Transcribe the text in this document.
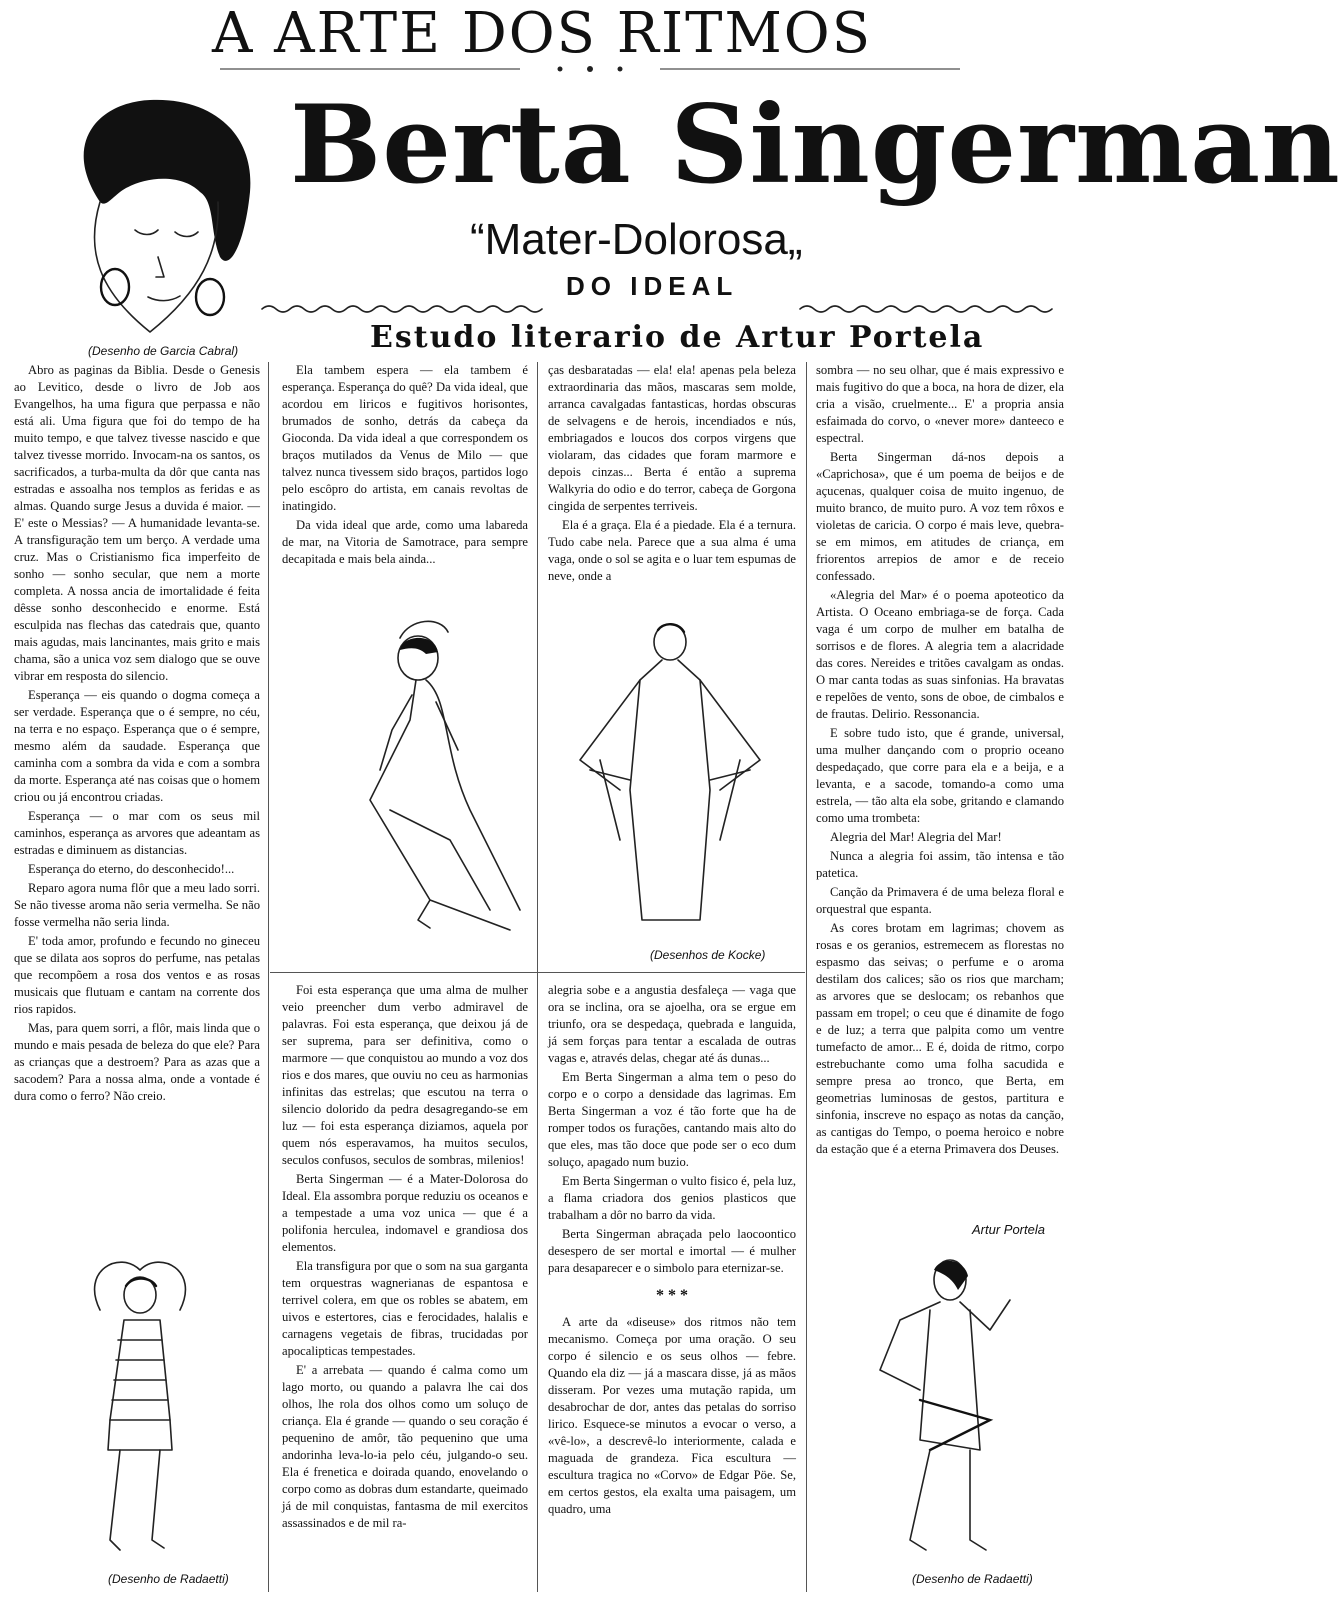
A ARTE DOS RITMOS
(Desenho de Garcia Cabral)
Berta Singerman
“Mater-Dolorosa„
DO IDEAL
Estudo literario de Artur Portela

Abro as paginas da Biblia. Desde o Genesis ao Levitico, desde o livro de Job aos Evangelhos, ha uma figura que perpassa e não está ali. Uma figura que foi do tempo de ha muito tempo, e que talvez tivesse nascido e que talvez tivesse morrido. Invocam-na os santos, os sacrificados, a turba-multa da dôr que canta nas estradas e assoalha nos templos as feridas e as almas. Quando surge Jesus a duvida é maior. — E' este o Messias? — A humanidade levanta-se. A transfiguração tem um berço. A verdade uma cruz. Mas o Cristianismo fica imperfeito de sonho — sonho secular, que nem a morte completa. A nossa ancia de imortalidade é feita dêsse sonho desconhecido e enorme. Está esculpida nas flechas das catedrais que, quanto mais agudas, mais lancinantes, mais grito e mais chama, são a unica voz sem dialogo que se ouve vibrar em resposta do silencio.

Esperança — eis quando o dogma começa a ser verdade. Esperança que o é sempre, no céu, na terra e no espaço. Esperança que o é sempre, mesmo além da saudade. Esperança que caminha com a sombra da vida e com a sombra da morte. Esperança até nas coisas que o homem criou ou já encontrou criadas.

Esperança — o mar com os seus mil caminhos, esperança as arvores que adeantam as estradas e diminuem as distancias.

Esperança do eterno, do desconhecido!...

Reparo agora numa flôr que a meu lado sorri. Se não tivesse aroma não seria vermelha. Se não fosse vermelha não seria linda.

E' toda amor, profundo e fecundo no gineceu que se dilata aos sopros do perfume, nas petalas que recompõem a rosa dos ventos e as rosas musicais que flutuam e cantam na corrente dos rios rapidos.

Mas, para quem sorri, a flôr, mais linda que o mundo e mais pesada de beleza do que ele? Para as crianças que a destroem? Para as azas que a sacodem? Para a nossa alma, onde a vontade é dura como o ferro? Não creio.

Ela tambem espera — ela tambem é esperança. Esperança do quê? Da vida ideal, que acordou em liricos e fugitivos horisontes, brumados de sonho, detrás da cabeça da Gioconda. Da vida ideal a que correspondem os braços mutilados da Venus de Milo — que talvez nunca tivessem sido braços, partidos logo pelo escôpro do artista, em canais revoltas de inatingido.

Da vida ideal que arde, como uma labareda de mar, na Vitoria de Samotrace, para sempre decapitada e mais bela ainda...

ças desbaratadas — ela! ela! apenas pela beleza extraordinaria das mãos, mascaras sem molde, arranca cavalgadas fantasticas, hordas obscuras de selvagens e de herois, incendiados e nús, embriagados e loucos dos corpos virgens que violaram, das cidades que foram marmore e depois cinzas... Berta é então a suprema Walkyria do odio e do terror, cabeça de Gorgona cingida de serpentes terriveis.

Ela é a graça. Ela é a piedade. Ela é a ternura. Tudo cabe nela. Parece que a sua alma é uma vaga, onde o sol se agita e o luar tem espumas de neve, onde a

(Desenhos de Kocke)

Foi esta esperança que uma alma de mulher veio preencher dum verbo admiravel de palavras. Foi esta esperança, que deixou já de ser suprema, para ser definitiva, como o marmore — que conquistou ao mundo a voz dos rios e dos mares, que ouviu no ceu as harmonias infinitas das estrelas; que escutou na terra o silencio dolorido da pedra desagregando-se em luz — foi esta esperança diziamos, aquela por quem nós esperavamos, ha muitos seculos, seculos confusos, seculos de sombras, milenios!

Berta Singerman — é a Mater-Dolorosa do Ideal. Ela assombra porque reduziu os oceanos e a tempestade a uma voz unica — que é a polifonia herculea, indomavel e grandiosa dos elementos.

Ela transfigura por que o som na sua garganta tem orquestras wagnerianas de espantosa e terrivel colera, em que os robles se abatem, em uivos e estertores, cias e ferocidades, halalis e carnagens vegetais de fibras, trucidadas por apocalipticas tempestades.

E' a arrebata — quando é calma como um lago morto, ou quando a palavra lhe cai dos olhos, lhe rola dos olhos como um soluço de criança. Ela é grande — quando o seu coração é pequenino de amôr, tão pequenino que uma andorinha leva-lo-ia pelo céu, julgando-o seu. Ela é frenetica e doirada quando, enovelando o corpo como as dobras dum estandarte, queimado já de mil conquistas, fantasma de mil exercitos assassinados e de mil ra-

alegria sobe e a angustia desfaleça — vaga que ora se inclina, ora se ajoelha, ora se ergue em triunfo, ora se despedaça, quebrada e languida, já sem forças para tentar a escalada de outras vagas e, através delas, chegar até ás dunas...

Em Berta Singerman a alma tem o peso do corpo e o corpo a densidade das lagrimas. Em Berta Singerman a voz é tão forte que ha de romper todos os furações, cantando mais alto do que eles, mas tão doce que pode ser o eco dum soluço, apagado num buzio.

Em Berta Singerman o vulto fisico é, pela luz, a flama criadora dos genios plasticos que trabalham a dôr no barro da vida.

Berta Singerman abraçada pelo laocoontico desespero de ser mortal e imortal — é mulher para desaparecer e o simbolo para eternizar-se.

* * *

A arte da «diseuse» dos ritmos não tem mecanismo. Começa por uma oração. O seu corpo é silencio e os seus olhos — febre. Quando ela diz — já a mascara disse, já as mãos disseram. Por vezes uma mutação rapida, um desabrochar de dor, antes das petalas do sorriso lirico. Esquece-se minutos a evocar o verso, a «vê-lo», a descrevê-lo interiormente, calada e maguada de grandeza. Fica escultura — escultura tragica no «Corvo» de Edgar Pöe. Se, em certos gestos, ela exalta uma paisagem, um quadro, uma

sombra — no seu olhar, que é mais expressivo e mais fugitivo do que a boca, na hora de dizer, ela cria a visão, cruelmente... E' a propria ansia esfaimada do corvo, o «never more» danteeco e espectral.

Berta Singerman dá-nos depois a «Caprichosa», que é um poema de beijos e de açucenas, qualquer coisa de muito ingenuo, de muito branco, de muito puro. A voz tem rôxos e violetas de caricia. O corpo é mais leve, quebra-se em mimos, em atitudes de criança, em friorentos arrepios de amor e de receio confessado.

«Alegria del Mar» é o poema apoteotico da Artista. O Oceano embriaga-se de força. Cada vaga é um corpo de mulher em batalha de sorrisos e de flores. A alegria tem a alacridade das cores. Nereides e tritões cavalgam as ondas. O mar canta todas as suas sinfonias. Ha bravatas e repelões de vento, sons de oboe, de cimbalos e de frautas. Delirio. Ressonancia.

E sobre tudo isto, que é grande, universal, uma mulher dançando com o proprio oceano despedaçado, que corre para ela e a beija, e a levanta, e a sacode, tomando-a como uma estrela, — tão alta ela sobe, gritando e clamando como uma trombeta:

Alegria del Mar! Alegria del Mar!

Nunca a alegria foi assim, tão intensa e tão patetica.

Canção da Primavera é de uma beleza floral e orquestral que espanta.

As cores brotam em lagrimas; chovem as rosas e os geranios, estremecem as florestas no espasmo das seivas; o perfume e o aroma destilam dos calices; são os rios que marcham; as arvores que se deslocam; os rebanhos que passam em tropel; o ceu que é dinamite de fogo e de luz; a terra que palpita como um ventre tumefacto de amor... E é, doida de ritmo, corpo estrebuchante como uma folha sacudida e sempre presa ao tronco, que Berta, em geometrias luminosas de gestos, partitura e sinfonia, inscreve no espaço as notas da canção, as cantigas do Tempo, o poema heroico e nobre da estação que é a eterna Primavera dos Deuses.

Artur Portela
(Desenho de Radaetti)	(Desenho de Radaetti)
